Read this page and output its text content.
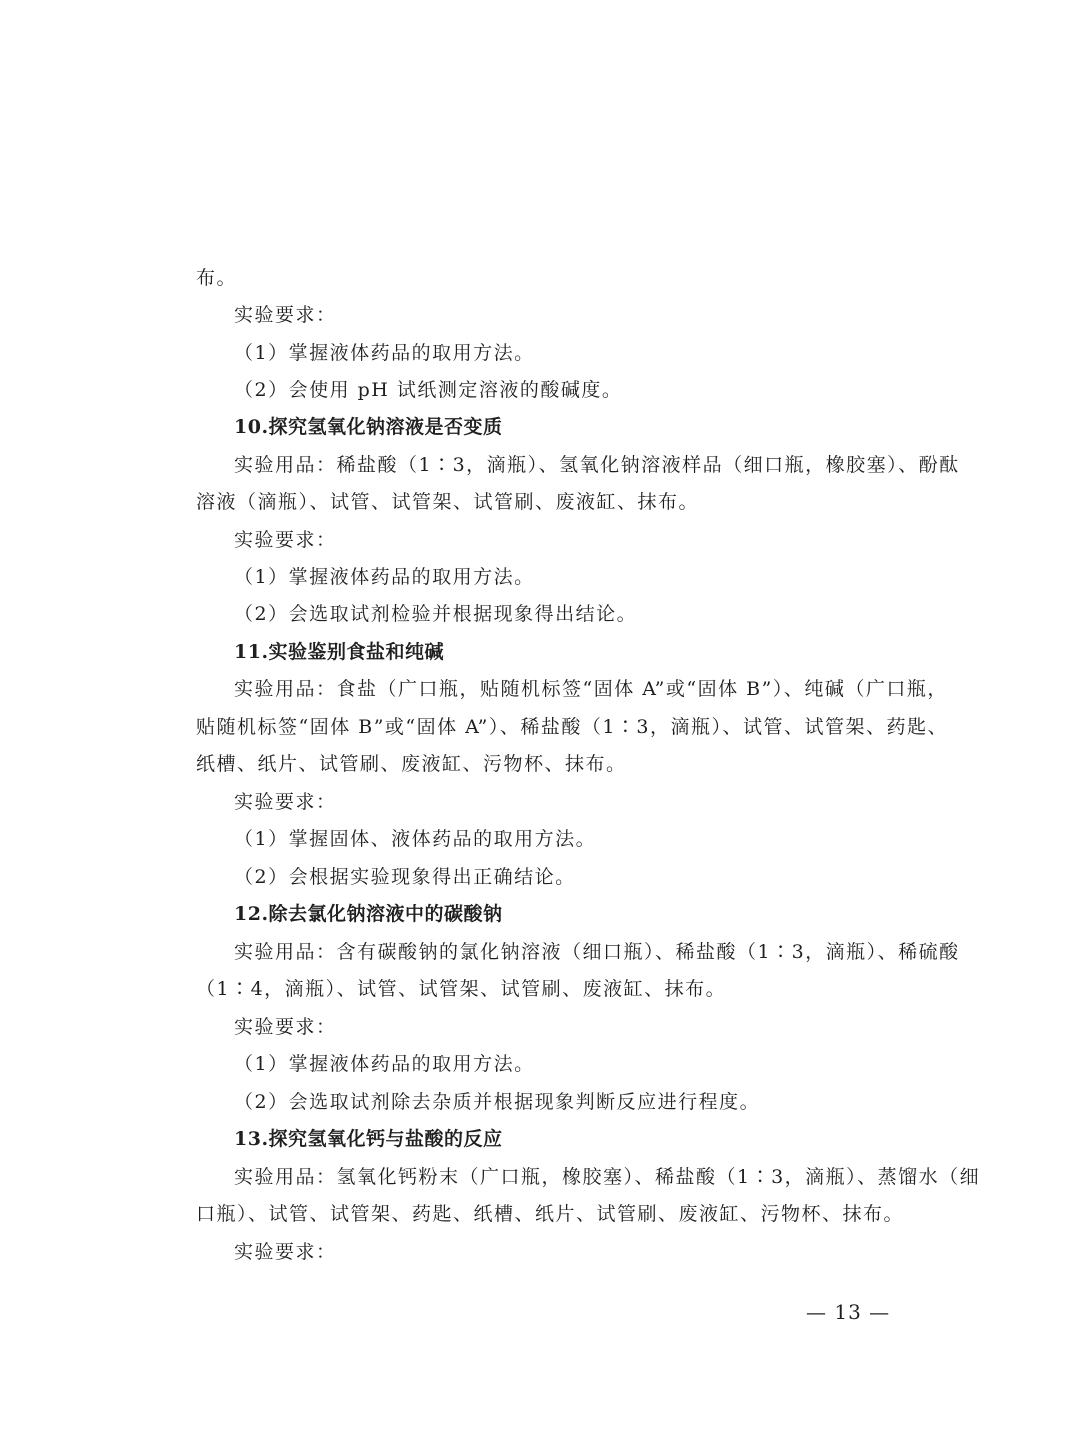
布。
实验要求：
（1）掌握液体药品的取用方法。
（2）会使用 pH 试纸测定溶液的酸碱度。
10.探究氢氧化钠溶液是否变质
实验用品：稀盐酸（1∶3，滴瓶）、氢氧化钠溶液样品（细口瓶，橡胶塞）、酚酞
溶液（滴瓶）、试管、试管架、试管刷、废液缸、抹布。
实验要求：
（1）掌握液体药品的取用方法。
（2）会选取试剂检验并根据现象得出结论。
11.实验鉴别食盐和纯碱
实验用品：食盐（广口瓶，贴随机标签“固体 A”或“固体 B”）、纯碱（广口瓶，
贴随机标签“固体 B”或“固体 A”）、稀盐酸（1∶3，滴瓶）、试管、试管架、药匙、
纸槽、纸片、试管刷、废液缸、污物杯、抹布。
实验要求：
（1）掌握固体、液体药品的取用方法。
（2）会根据实验现象得出正确结论。
12.除去氯化钠溶液中的碳酸钠
实验用品：含有碳酸钠的氯化钠溶液（细口瓶）、稀盐酸（1∶3，滴瓶）、稀硫酸
（1∶4，滴瓶）、试管、试管架、试管刷、废液缸、抹布。
实验要求：
（1）掌握液体药品的取用方法。
（2）会选取试剂除去杂质并根据现象判断反应进行程度。
13.探究氢氧化钙与盐酸的反应
实验用品：氢氧化钙粉末（广口瓶，橡胶塞）、稀盐酸（1∶3，滴瓶）、蒸馏水（细
口瓶）、试管、试管架、药匙、纸槽、纸片、试管刷、废液缸、污物杯、抹布。
实验要求：
— 13 —
